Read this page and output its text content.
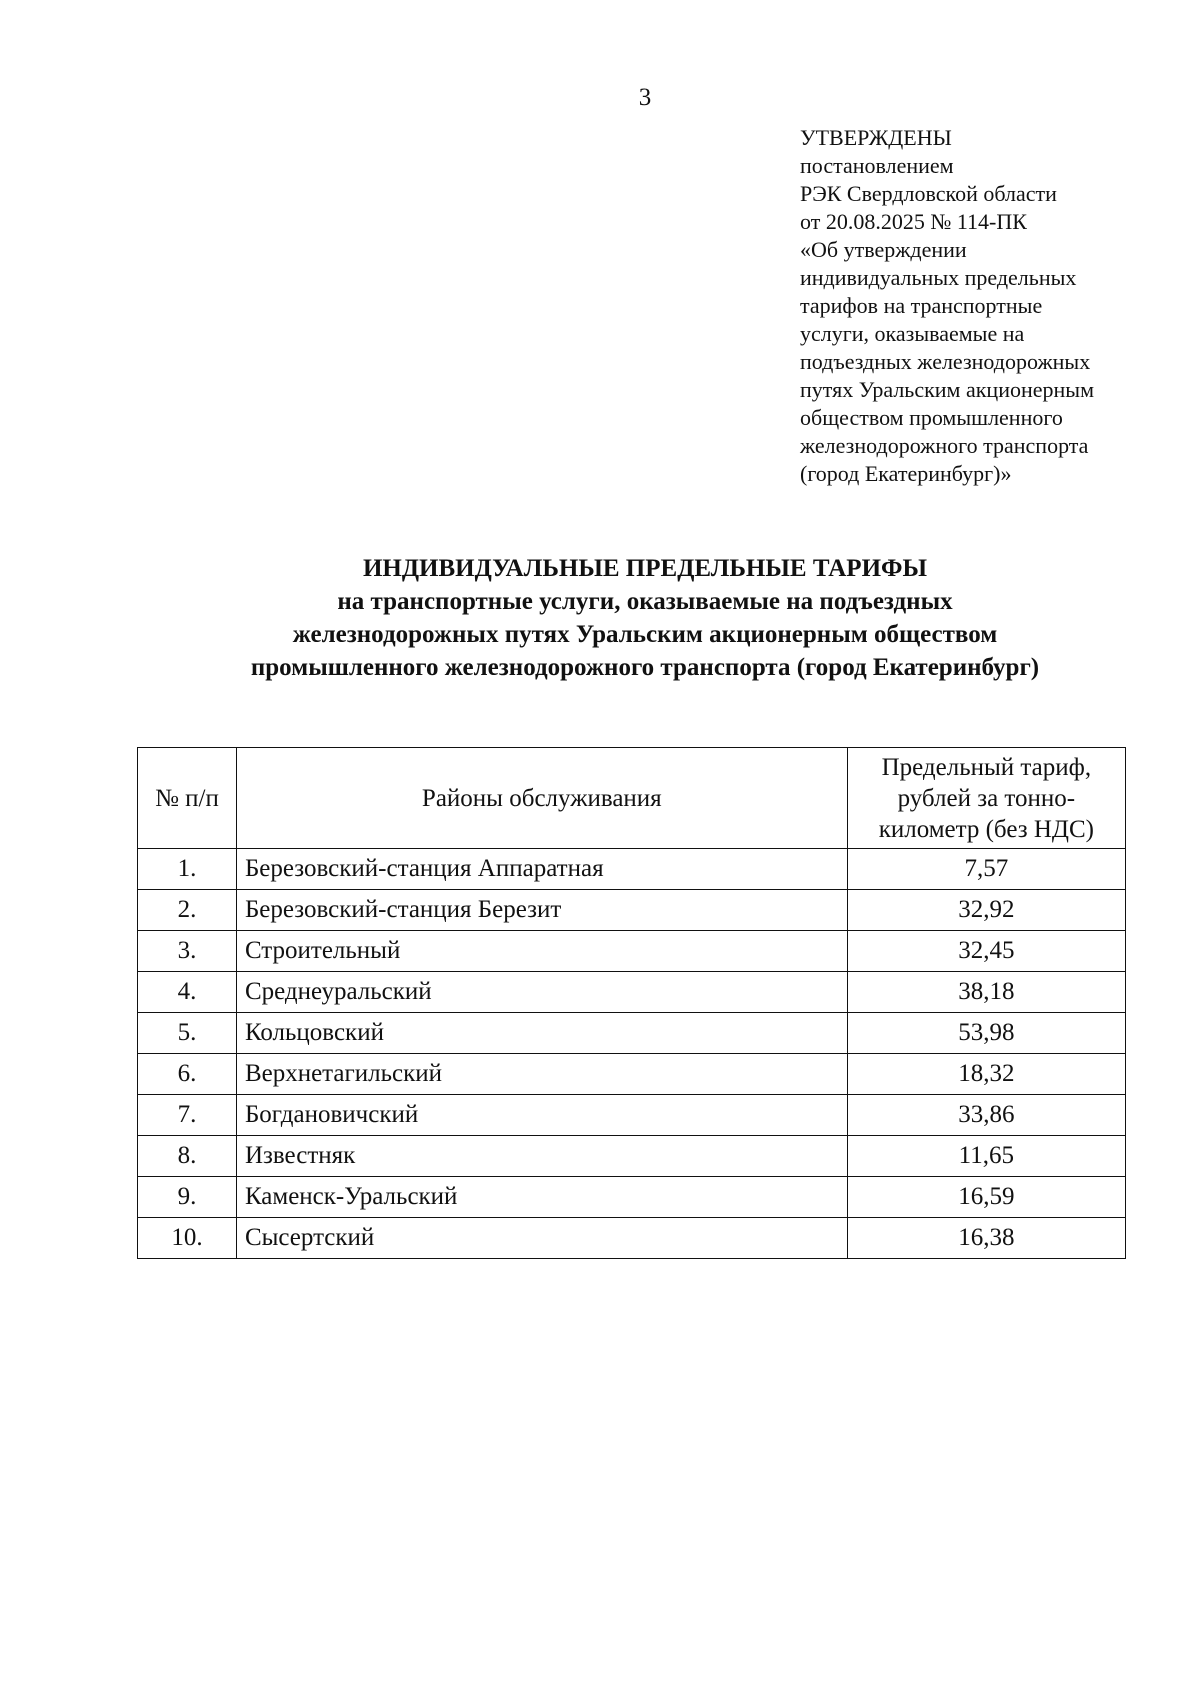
3
УТВЕРЖДЕНЫ
постановлением
РЭК Свердловской области
от 20.08.2025 № 114-ПК
«Об утверждении
индивидуальных предельных
тарифов на транспортные
услуги, оказываемые на
подъездных железнодорожных
путях Уральским акционерным
обществом промышленного
железнодорожного транспорта
(город Екатеринбург)»
ИНДИВИДУАЛЬНЫЕ ПРЕДЕЛЬНЫЕ ТАРИФЫ
на транспортные услуги, оказываемые на подъездных
железнодорожных путях Уральским акционерным обществом
промышленного железнодорожного транспорта (город Екатеринбург)
№ п/п	Районы обслуживания	Предельный тариф,
рублей за тонно-
километр (без НДС)

1.	Березовский-станция Аппаратная	7,57
2.	Березовский-станция Березит	32,92
3.	Строительный	32,45
4.	Среднеуральский	38,18
5.	Кольцовский	53,98
6.	Верхнетагильский	18,32
7.	Богдановичский	33,86
8.	Известняк	11,65
9.	Каменск-Уральский	16,59
10.	Сысертский	16,38
